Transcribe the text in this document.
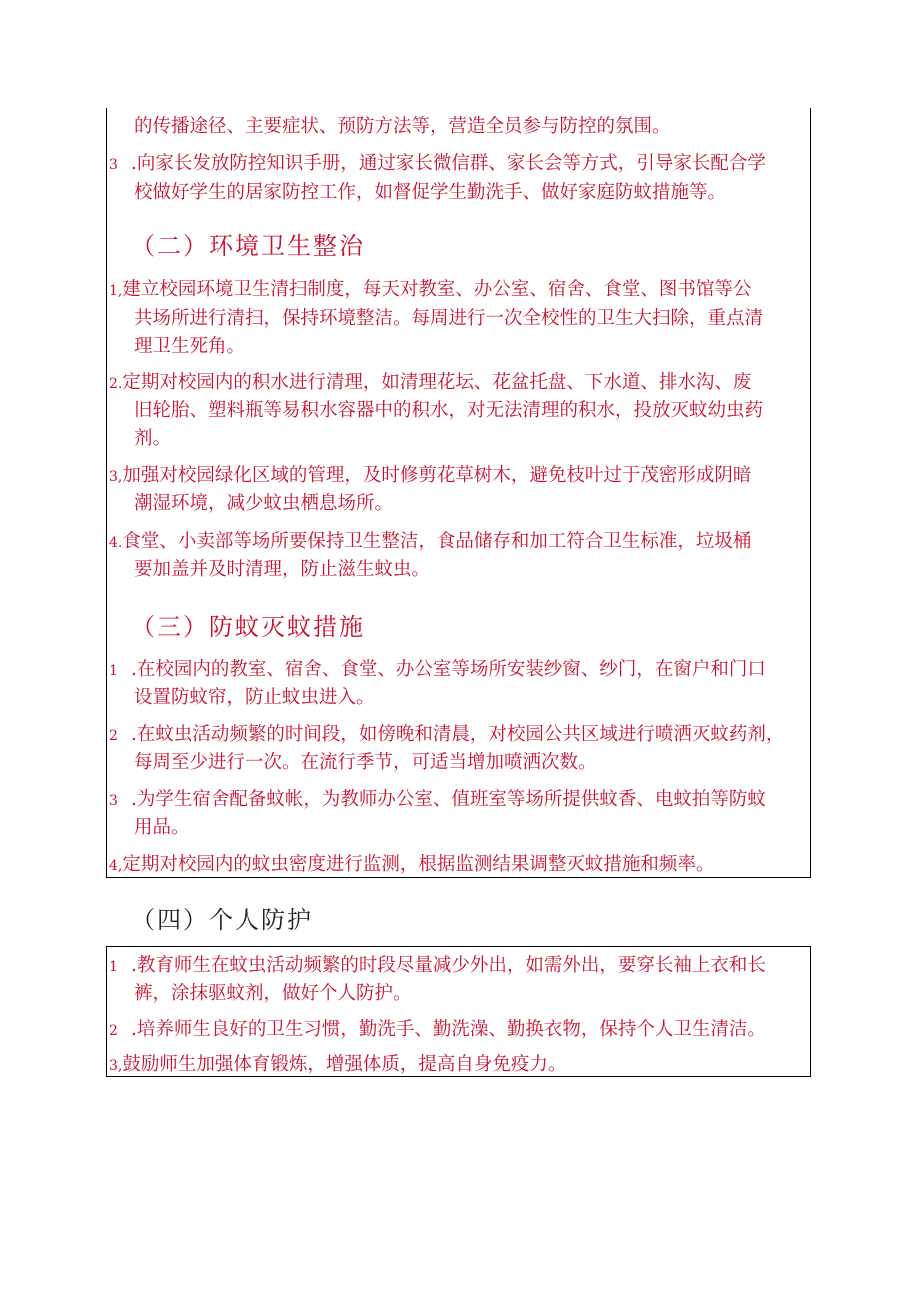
的传播途径、主要症状、预防方法等，营造全员参与防控的氛围。
3 .向家长发放防控知识手册，通过家长微信群、家长会等方式，引导家长配合学
校做好学生的居家防控工作，如督促学生勤洗手、做好家庭防蚊措施等。
（二）环境卫生整治
1,建立校园环境卫生清扫制度，每天对教室、办公室、宿舍、食堂、图书馆等公
共场所进行清扫，保持环境整洁。每周进行一次全校性的卫生大扫除，重点清
理卫生死角。
2.定期对校园内的积水进行清理，如清理花坛、花盆托盘、下水道、排水沟、废
旧轮胎、塑料瓶等易积水容器中的积水，对无法清理的积水，投放灭蚊幼虫药
剂。
3,加强对校园绿化区域的管理，及时修剪花草树木，避免枝叶过于茂密形成阴暗
潮湿环境，减少蚊虫栖息场所。
4.食堂、小卖部等场所要保持卫生整洁，食品储存和加工符合卫生标准，垃圾桶
要加盖并及时清理，防止滋生蚊虫。
（三）防蚊灭蚊措施
1 .在校园内的教室、宿舍、食堂、办公室等场所安装纱窗、纱门，在窗户和门口
设置防蚊帘，防止蚊虫进入。
2 .在蚊虫活动频繁的时间段，如傍晚和清晨，对校园公共区域进行喷洒灭蚊药剂，
每周至少进行一次。在流行季节，可适当增加喷洒次数。
3 .为学生宿舍配备蚊帐，为教师办公室、值班室等场所提供蚊香、电蚊拍等防蚊
用品。
4,定期对校园内的蚊虫密度进行监测，根据监测结果调整灭蚊措施和频率。
（四）个人防护
1 .教育师生在蚊虫活动频繁的时段尽量减少外出，如需外出，要穿长袖上衣和长
裤，涂抹驱蚊剂，做好个人防护。
2 .培养师生良好的卫生习惯，勤洗手、勤洗澡、勤换衣物，保持个人卫生清洁。
3,鼓励师生加强体育锻炼，增强体质，提高自身免疫力。
